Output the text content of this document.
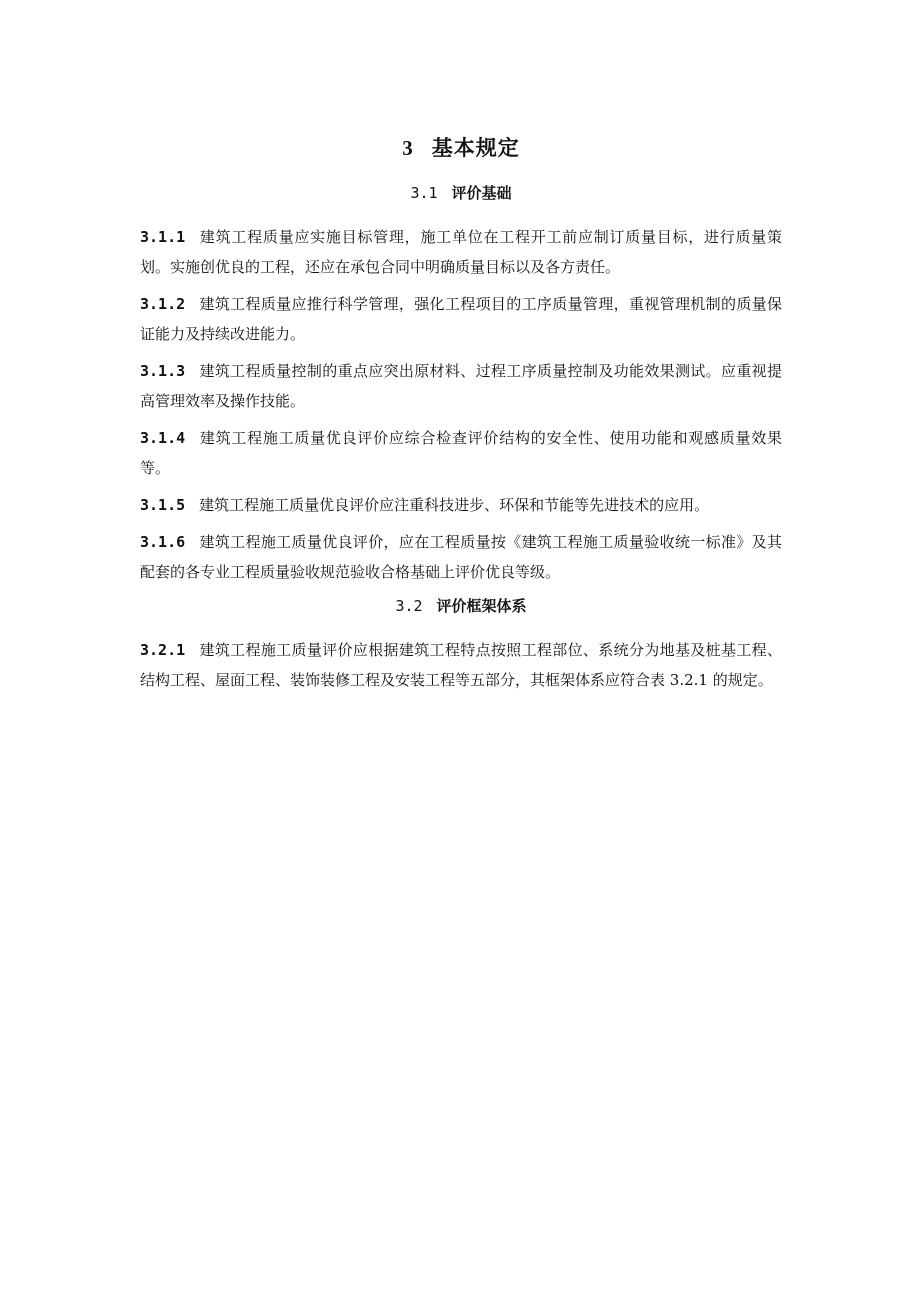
3 基本规定
3.1 评价基础

3.1.1 建筑工程质量应实施目标管理，施工单位在工程开工前应制订质量目标，进行质量策划。实施创优良的工程，还应在承包合同中明确质量目标以及各方责任。

3.1.2 建筑工程质量应推行科学管理，强化工程项目的工序质量管理，重视管理机制的质量保证能力及持续改进能力。

3.1.3 建筑工程质量控制的重点应突出原材料、过程工序质量控制及功能效果测试。应重视提高管理效率及操作技能。

3.1.4 建筑工程施工质量优良评价应综合检查评价结构的安全性、使用功能和观感质量效果等。

3.1.5 建筑工程施工质量优良评价应注重科技进步、环保和节能等先进技术的应用。

3.1.6 建筑工程施工质量优良评价，应在工程质量按《建筑工程施工质量验收统一标准》及其配套的各专业工程质量验收规范验收合格基础上评价优良等级。

3.2 评价框架体系

3.2.1 建筑工程施工质量评价应根据建筑工程特点按照工程部位、系统分为地基及桩基工程、结构工程、屋面工程、装饰装修工程及安装工程等五部分，其框架体系应符合表 3.2.1 的规定。
